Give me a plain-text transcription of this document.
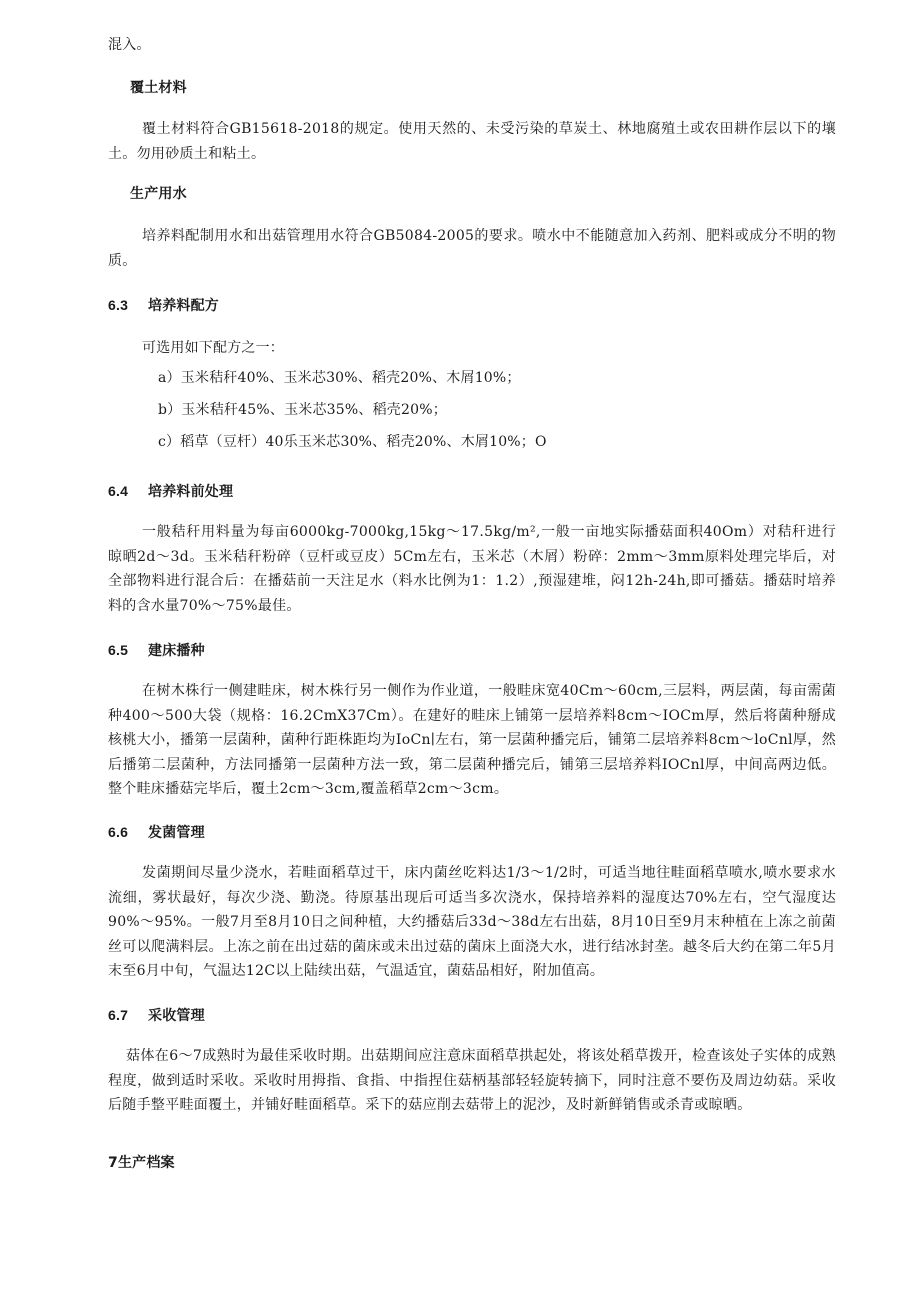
混入。
覆土材料
覆土材料符合GB15618-2018的规定。使用天然的、未受污染的草炭土、林地腐殖土或农田耕作层以下的壤土。勿用砂质土和粘土。
生产用水
培养料配制用水和出菇管理用水符合GB5084-2005的要求。喷水中不能随意加入药剂、肥料或成分不明的物质。
6.3 培养料配方
可选用如下配方之一：
a）玉米秸秆40%、玉米芯30%、稻壳20%、木屑10%；
b）玉米秸秆45%、玉米芯35%、稻壳20%；
c）稻草（豆杆）40乐玉米芯30%、稻壳20%、木屑10%；O
6.4 培养料前处理
一般秸秆用料量为每亩6000kg-7000kg,15kg～17.5kg∕m²,一般一亩地实际播菇面积40Om）对秸秆进行晾晒2d～3d。玉米秸秆粉碎（豆杆或豆皮）5Cm左右，玉米芯（木屑）粉碎：2mm～3mm原料处理完毕后，对全部物料进行混合后：在播菇前一天注足水（料水比例为1：1.2）,预湿建堆，闷12h-24h,即可播菇。播菇时培养料的含水量70%～75%最佳。
6.5 建床播种
在树木株行一侧建畦床，树木株行另一侧作为作业道，一般畦床宽40Cm～60cm,三层料，两层菌，每亩需菌种400～500大袋（规格：16.2CmX37Cm）。在建好的畦床上铺第一层培养料8cm～IOCm厚，然后将菌种掰成核桃大小，播第一层菌种，菌种行距株距均为IoCn∣左右，第一层菌种播完后，铺第二层培养料8cm～loCnl厚，然后播第二层菌种，方法同播第一层菌种方法一致，第二层菌种播完后，铺第三层培养料IOCnl厚，中间高两边低。整个畦床播菇完毕后，覆土2cm～3cm,覆盖稻草2cm～3cm。
6.6 发菌管理
发菌期间尽量少浇水，若畦面稻草过干，床内菌丝吃料达1/3～1/2时，可适当地往畦面稻草喷水,喷水要求水流细，雾状最好，每次少浇、勤浇。待原基出现后可适当多次浇水，保持培养料的湿度达70%左右，空气湿度达90%～95%。一般7月至8月10日之间种植，大约播菇后33d～38d左右出菇，8月10日至9月末种植在上冻之前菌丝可以爬满料层。上冻之前在出过菇的菌床或未出过菇的菌床上面浇大水，进行结冰封垄。越冬后大约在第二年5月末至6月中旬，气温达12C以上陆续出菇，气温适宜，菌菇品相好，附加值高。
6.7 采收管理
菇体在6～7成熟时为最佳采收时期。出菇期间应注意床面稻草拱起处，将该处稻草拨开，检查该处子实体的成熟程度，做到适时采收。采收时用拇指、食指、中指捏住菇柄基部轻轻旋转摘下，同时注意不要伤及周边幼菇。采收后随手整平畦面覆土，并铺好畦面稻草。采下的菇应削去菇带上的泥沙，及时新鲜销售或杀青或晾晒。
7生产档案
